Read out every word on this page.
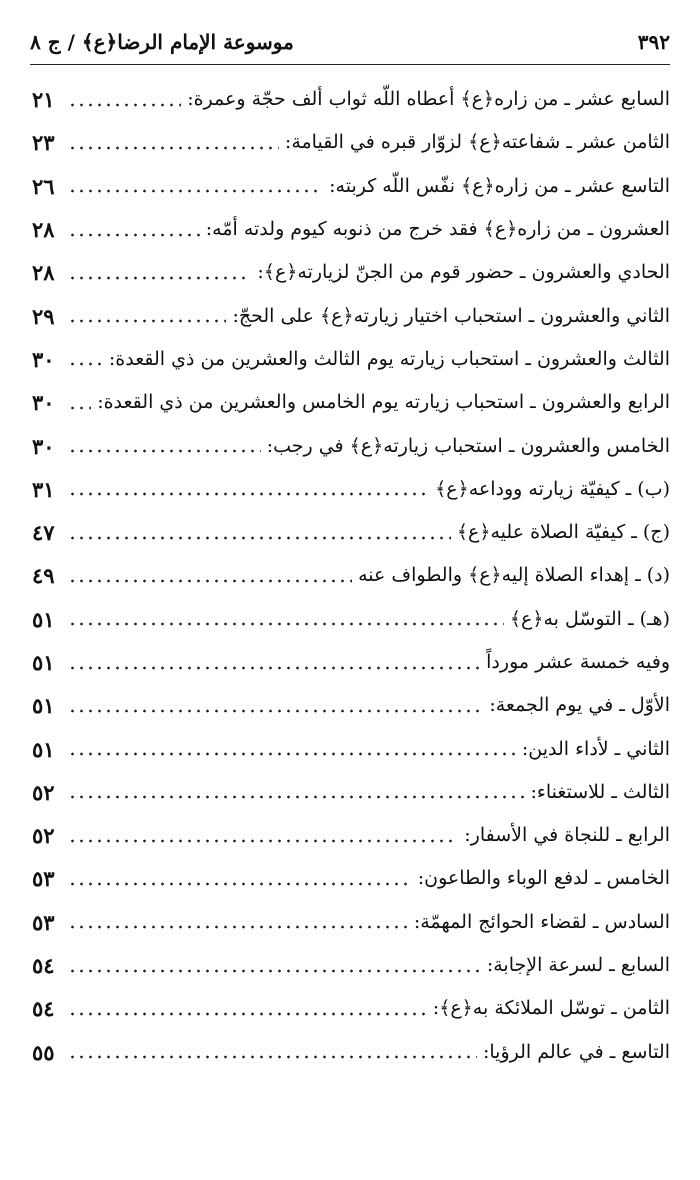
٣٩٢
موسوعة الإمام الرضا﴿ع﴾ / ج ٨
السابع عشر ـ من زاره﴿ع﴾ أعطاه اللّه ثواب ألف حجّة وعمرة:
٢١
الثامن عشر ـ شفاعته﴿ع﴾ لزوّار قبره في القيامة:
٢٣
التاسع عشر ـ من زاره﴿ع﴾ نفّس اللّه كربته:
٢٦
العشرون ـ من زاره﴿ع﴾ فقد خرج من ذنوبه كيوم ولدته أمّه:
٢٨
الحادي والعشرون ـ حضور قوم من الجنّ لزيارته﴿ع﴾:
٢٨
الثاني والعشرون ـ استحباب اختيار زيارته﴿ع﴾ على الحجّ:
٢٩
الثالث والعشرون ـ استحباب زيارته يوم الثالث والعشرين من ذي القعدة:
٣٠
الرابع والعشرون ـ استحباب زيارته يوم الخامس والعشرين من ذي القعدة:
٣٠
الخامس والعشرون ـ استحباب زيارته﴿ع﴾ في رجب:
٣٠
(ب) ـ كيفيّة زيارته ووداعه﴿ع﴾
٣١
(ج) ـ كيفيّة الصلاة عليه﴿ع﴾
٤٧
(د) ـ إهداء الصلاة إليه﴿ع﴾ والطواف عنه
٤٩
(هـ) ـ التوسّل به﴿ع﴾
٥١
وفيه خمسة عشر مورداً
٥١
الأوّل ـ في يوم الجمعة:
٥١
الثاني ـ لأداء الدين:
٥١
الثالث ـ للاستغناء:
٥٢
الرابع ـ للنجاة في الأسفار:
٥٢
الخامس ـ لدفع الوباء والطاعون:
٥٣
السادس ـ لقضاء الحوائج المهمّة:
٥٣
السابع ـ لسرعة الإجابة:
٥٤
الثامن ـ توسّل الملائكة به﴿ع﴾:
٥٤
التاسع ـ في عالم الرؤيا:
٥٥
